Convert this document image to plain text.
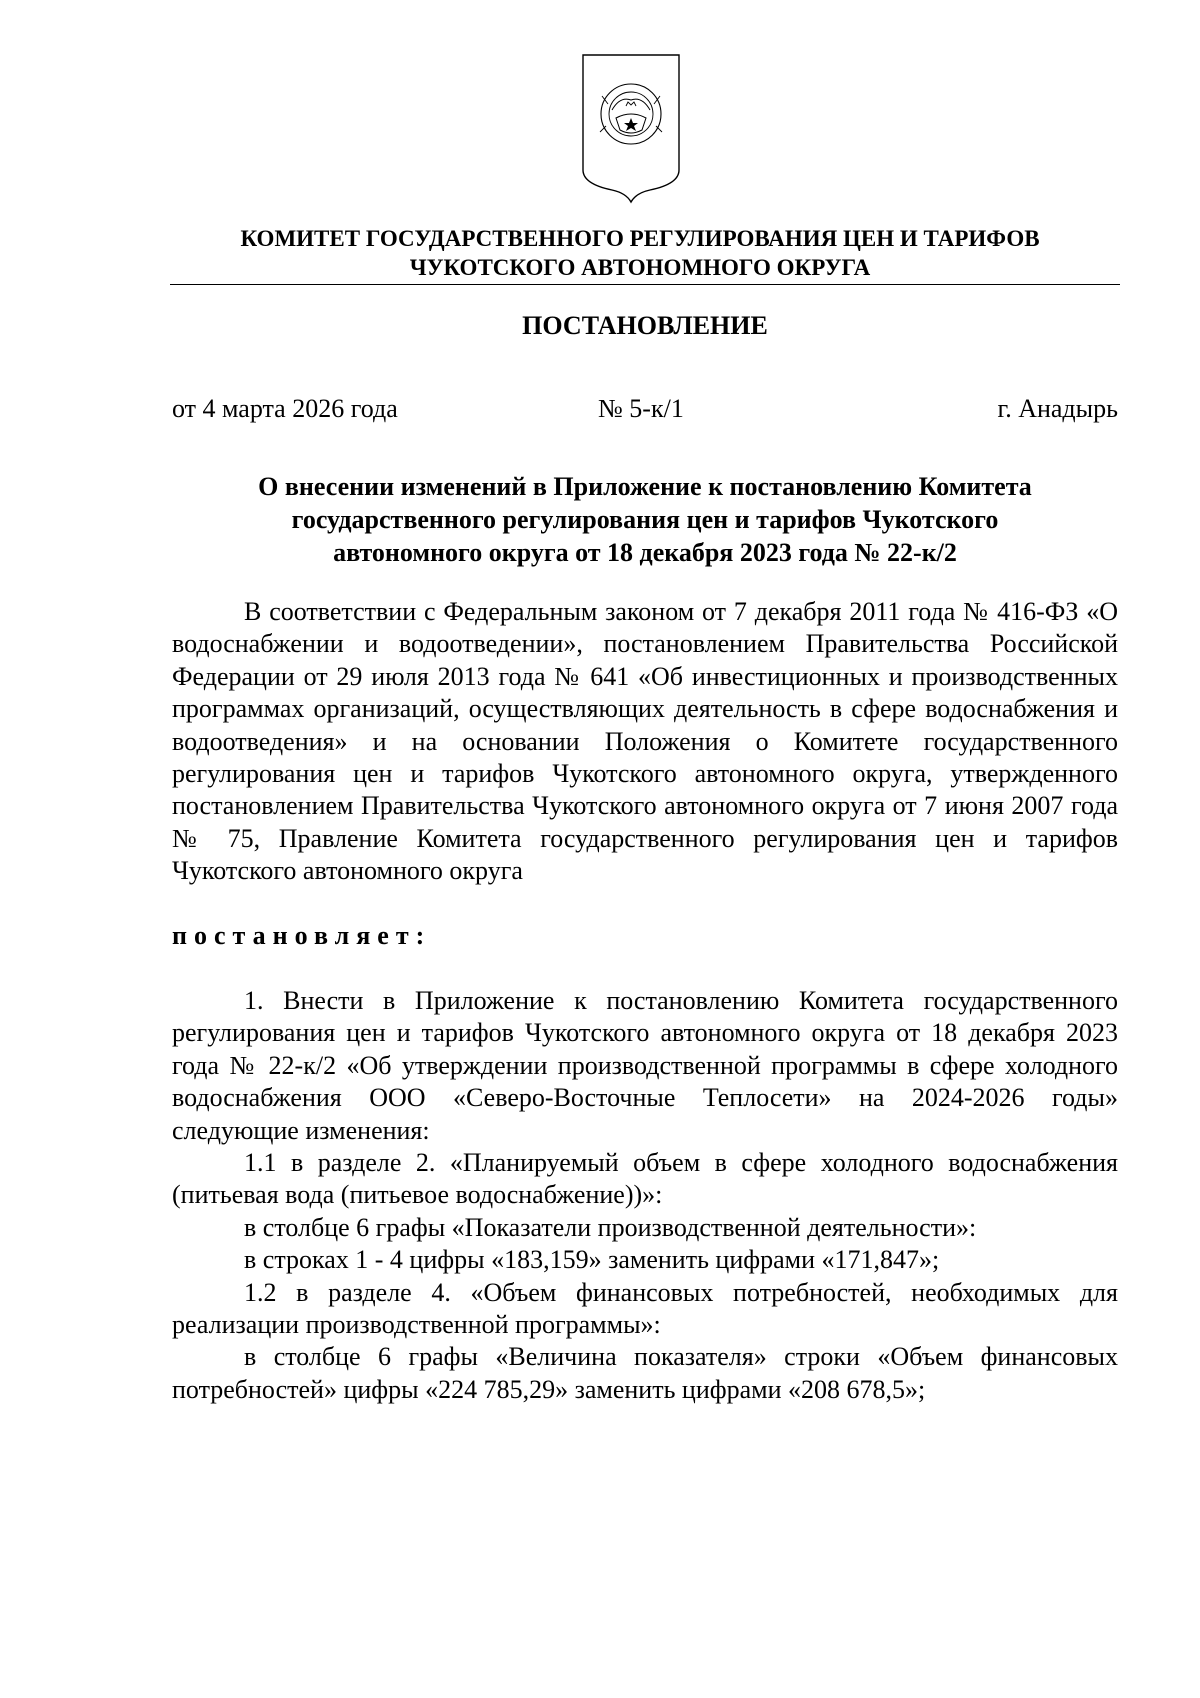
КОМИТЕТ ГОСУДАРСТВЕННОГО РЕГУЛИРОВАНИЯ ЦЕН И ТАРИФОВ
ЧУКОТСКОГО АВТОНОМНОГО ОКРУГА
ПОСТАНОВЛЕНИЕ
от 4 марта 2026 года	№ 5-к/1	г. Анадырь
О внесении изменений в Приложение к постановлению Комитета
государственного регулирования цен и тарифов Чукотского
автономного округа от 18 декабря 2023 года № 22-к/2

В соответствии с Федеральным законом от 7 декабря 2011 года № 416-ФЗ «О водоснабжении и водоотведении», постановлением Правительства Российской Федерации от 29 июля 2013 года № 641 «Об инвестиционных и производственных программах организаций, осуществляющих деятельность в сфере водоснабжения и водоотведения» и на основании Положения о Комитете государственного регулирования цен и тарифов Чукотского автономного округа, утвержденного постановлением Правительства Чукотского автономного округа от 7 июня 2007 года № 75, Правление Комитета государственного регулирования цен и тарифов Чукотского автономного округа

постановляет:

1. Внести в Приложение к постановлению Комитета государственного регулирования цен и тарифов Чукотского автономного округа от 18 декабря 2023 года № 22-к/2 «Об утверждении производственной программы в сфере холодного водоснабжения ООО «Северо-Восточные Теплосети» на 2024-2026 годы» следующие изменения:

1.1 в разделе 2. «Планируемый объем в сфере холодного водоснабжения (питьевая вода (питьевое водоснабжение))»:

в столбце 6 графы «Показатели производственной деятельности»:

в строках 1 - 4 цифры «183,159» заменить цифрами «171,847»;

1.2 в разделе 4. «Объем финансовых потребностей, необходимых для реализации производственной программы»:

в столбце 6 графы «Величина показателя» строки «Объем финансовых потребностей» цифры «224 785,29» заменить цифрами «208 678,5»;
